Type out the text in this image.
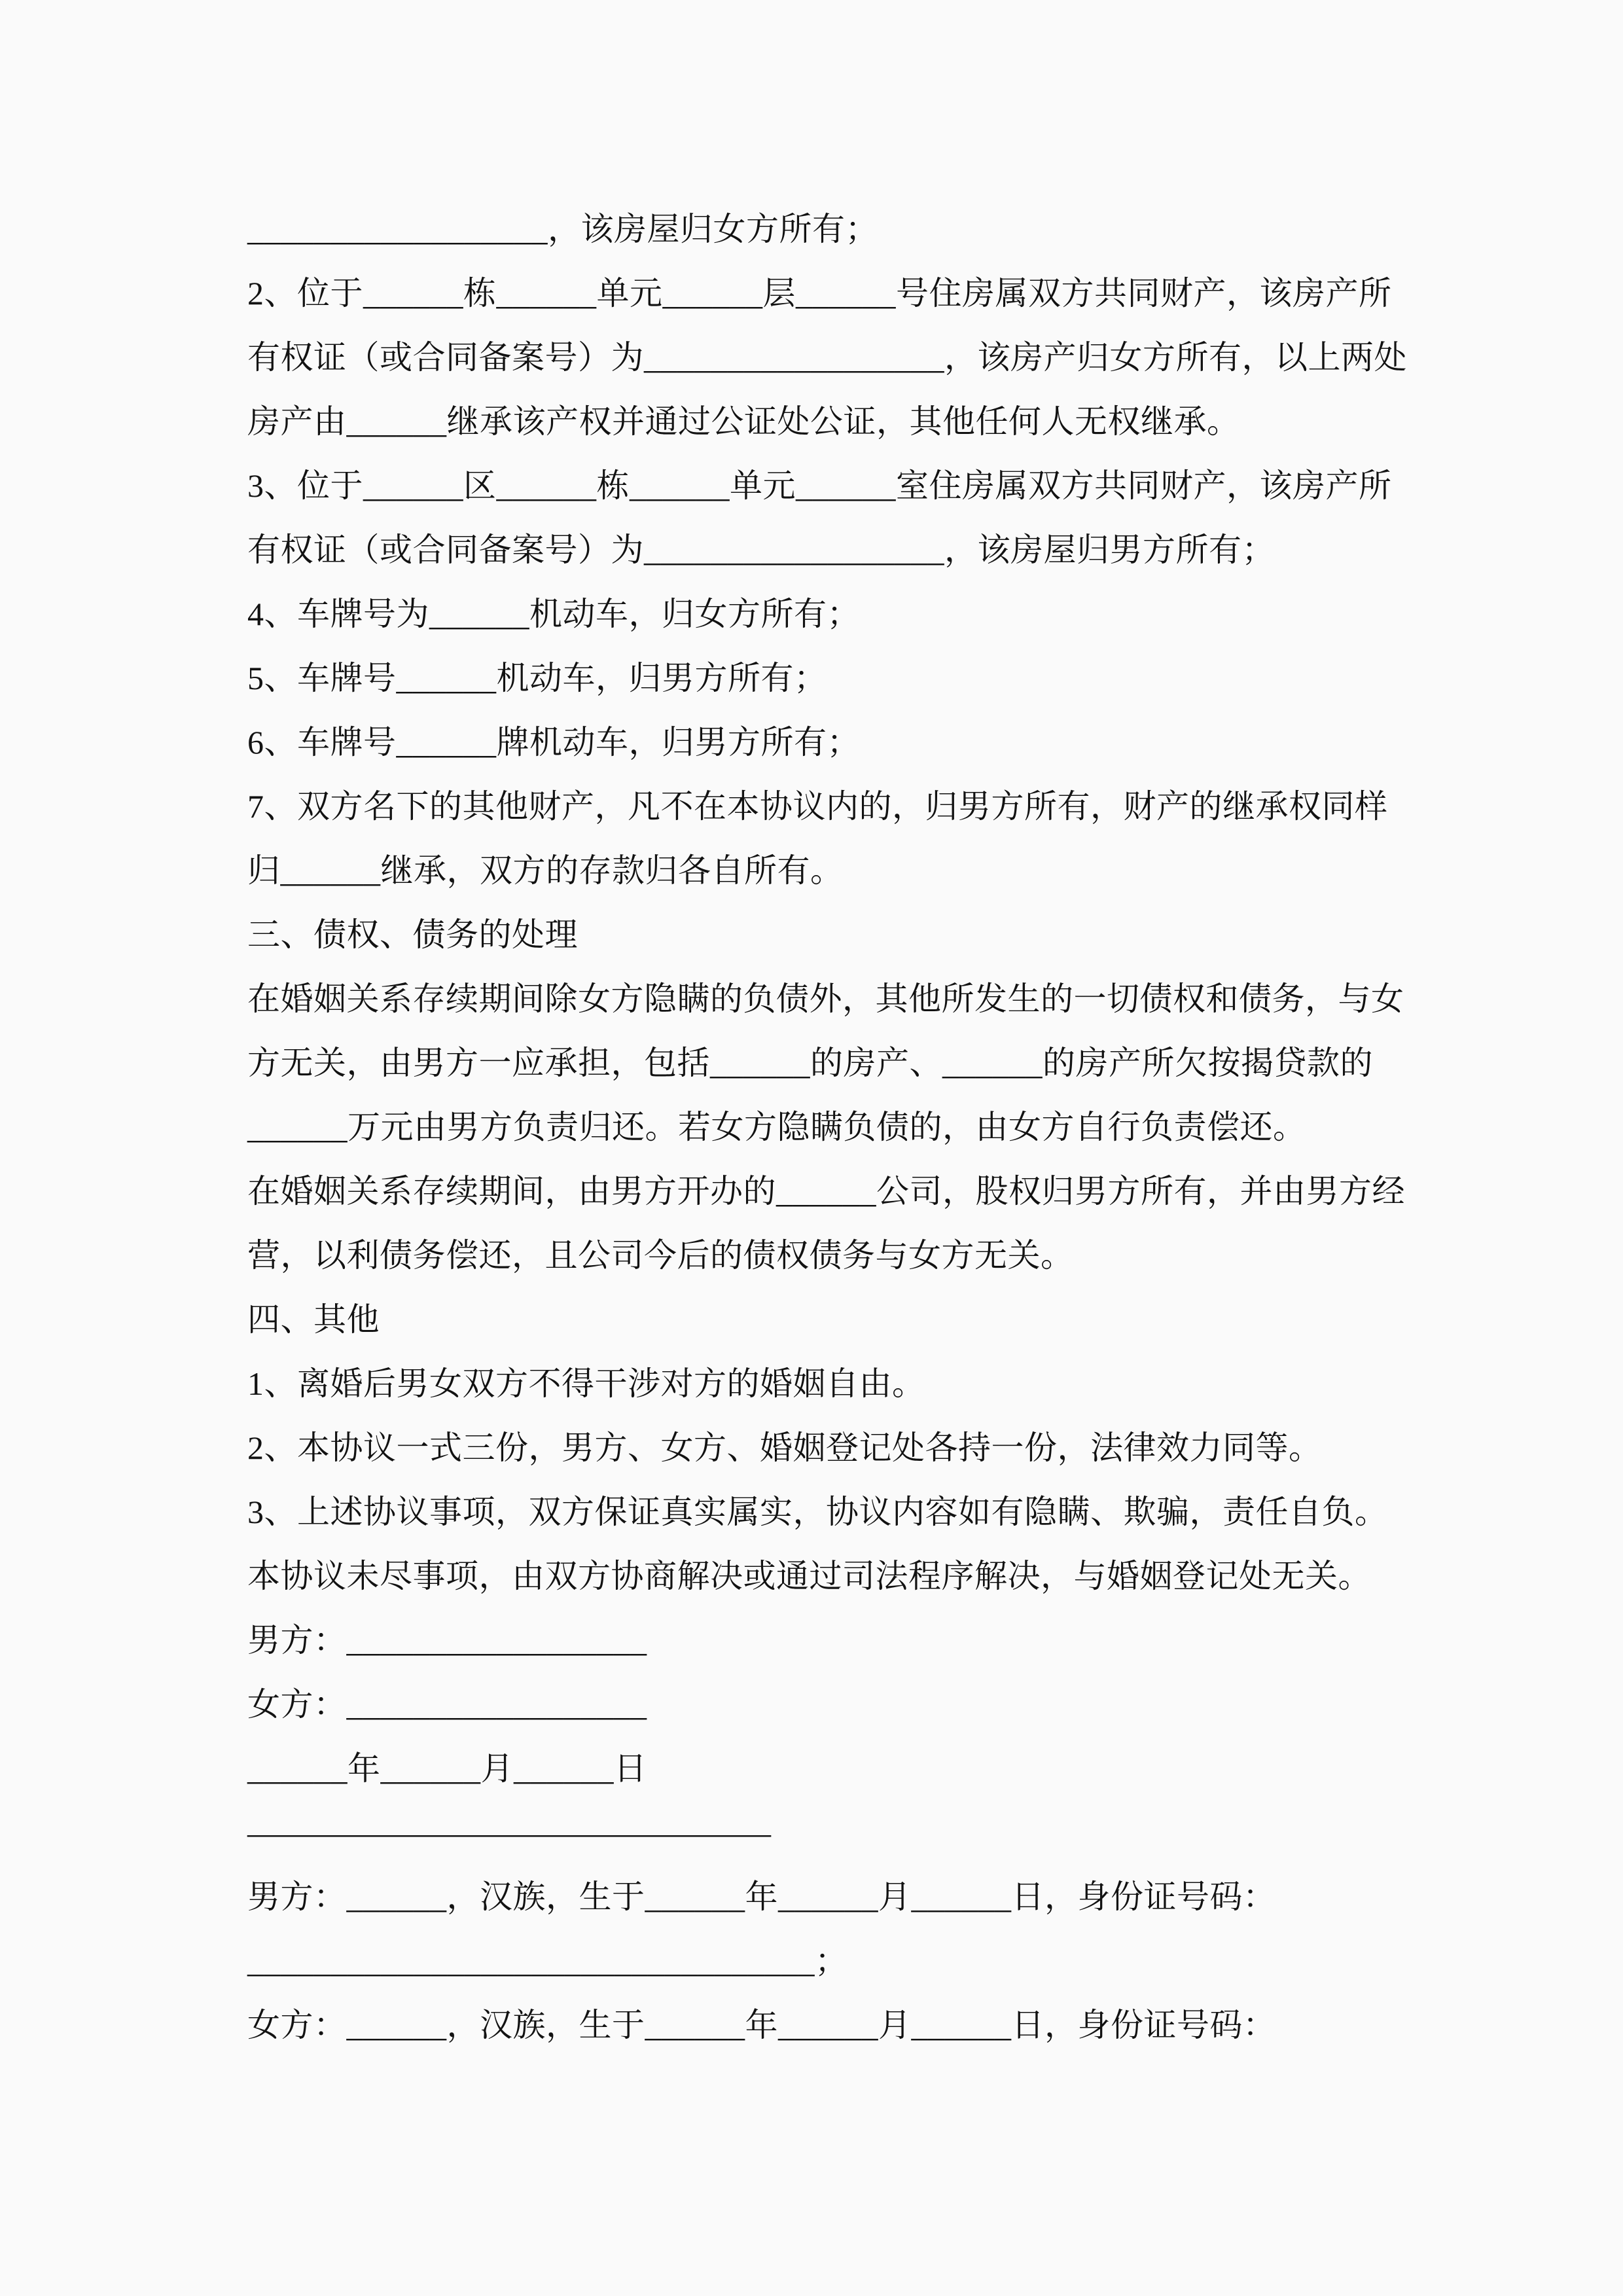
__________________，该房屋归女方所有；

2、位于______栋______单元______层______号住房属双方共同财产，该房产所

有权证（或合同备案号）为__________________，该房产归女方所有，以上两处

房产由______继承该产权并通过公证处公证，其他任何人无权继承。

3、位于______区______栋______单元______室住房属双方共同财产，该房产所

有权证（或合同备案号）为__________________，该房屋归男方所有；

4、车牌号为______机动车，归女方所有；

5、车牌号______机动车，归男方所有；

6、车牌号______牌机动车，归男方所有；

7、双方名下的其他财产，凡不在本协议内的，归男方所有，财产的继承权同样

归______继承，双方的存款归各自所有。

三、债权、债务的处理

在婚姻关系存续期间除女方隐瞒的负债外，其他所发生的一切债权和债务，与女

方无关，由男方一应承担，包括______的房产、______的房产所欠按揭贷款的

______万元由男方负责归还。若女方隐瞒负债的，由女方自行负责偿还。

在婚姻关系存续期间，由男方开办的______公司，股权归男方所有，并由男方经

营，以利债务偿还，且公司今后的债权债务与女方无关。

四、其他

1、离婚后男女双方不得干涉对方的婚姻自由。

2、本协议一式三份，男方、女方、婚姻登记处各持一份，法律效力同等。

3、上述协议事项，双方保证真实属实，协议内容如有隐瞒、欺骗，责任自负。

本协议未尽事项，由双方协商解决或通过司法程序解决，与婚姻登记处无关。

男方：__________________

女方：__________________

______年______月______日

————————————————

男方：______，汉族，生于______年______月______日，身份证号码：

__________________________________；

女方：______，汉族，生于______年______月______日，身份证号码：
